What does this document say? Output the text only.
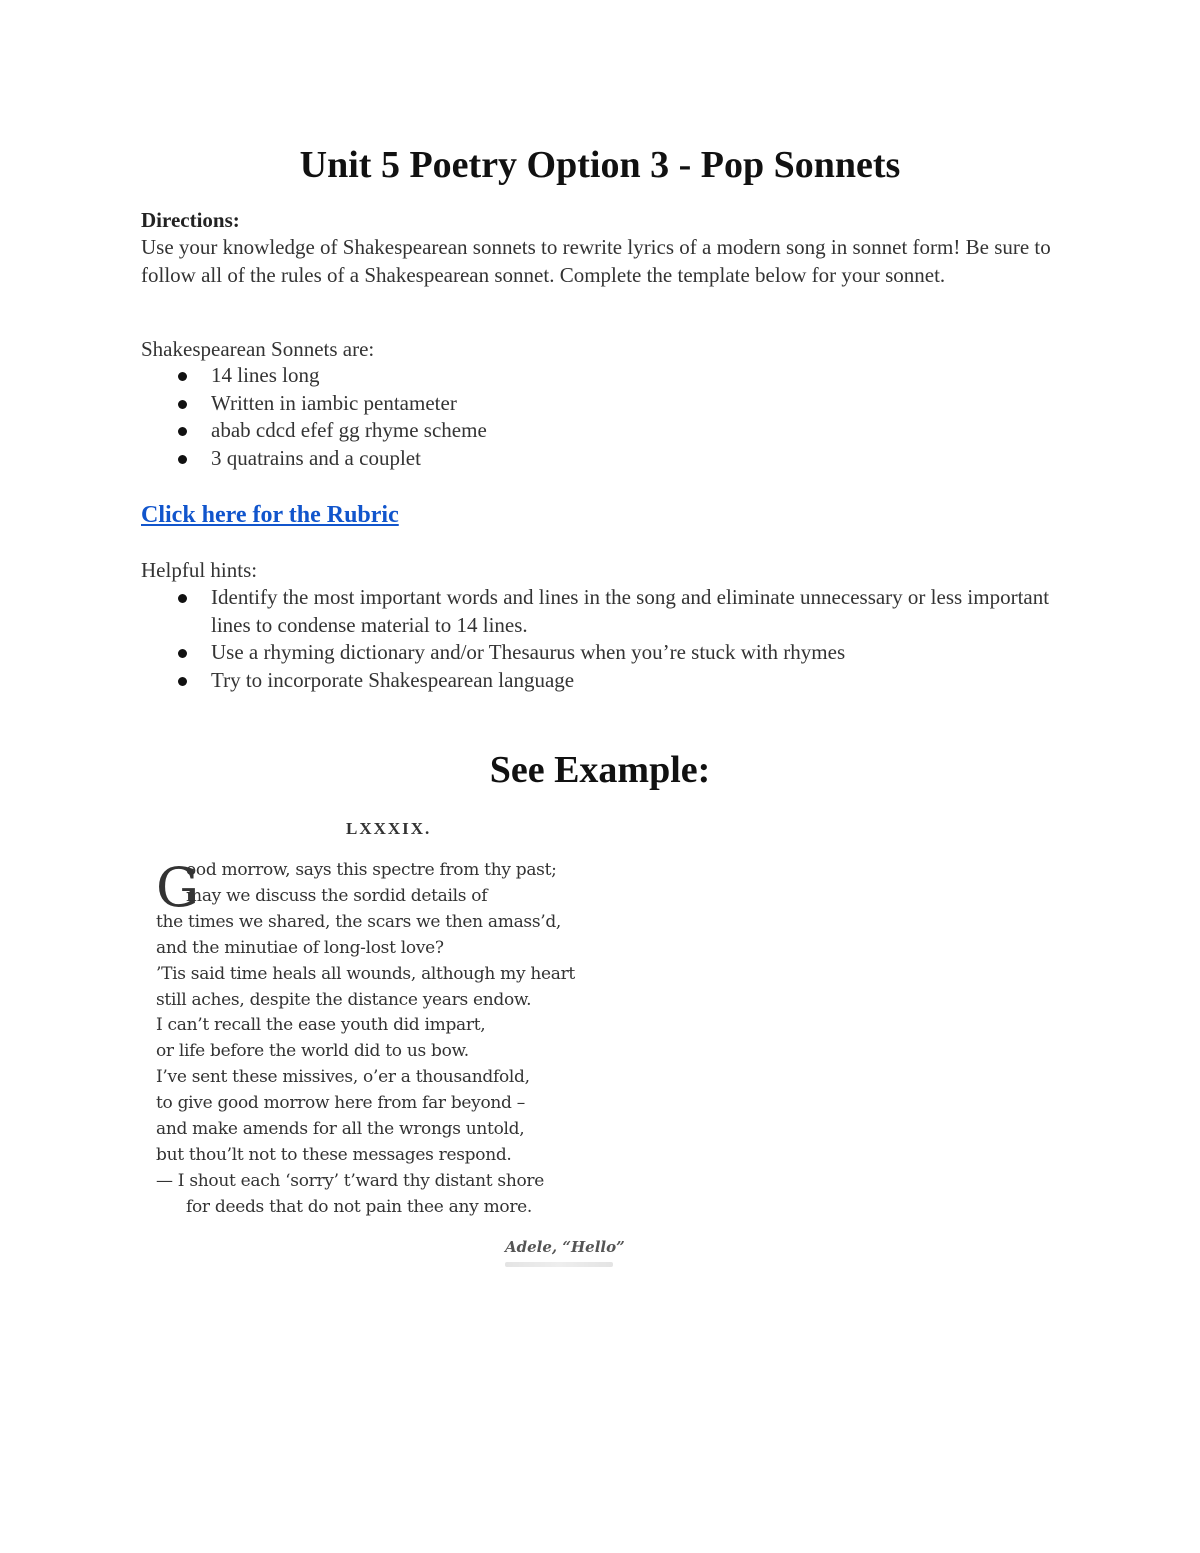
Unit 5 Poetry Option 3 - Pop Sonnets

Directions:

Use your knowledge of Shakespearean sonnets to rewrite lyrics of a modern song in sonnet form! Be sure to follow all of the rules of a Shakespearean sonnet. Complete the template below for your sonnet.

Shakespearean Sonnets are:

14 lines long
Written in iambic pentameter
abab cdcd efef gg rhyme scheme
3 quatrains and a couplet
Click here for the Rubric

Helpful hints:

Identify the most important words and lines in the song and eliminate unnecessary or less important lines to condense material to 14 lines.
Use a rhyming dictionary and/or Thesaurus when you’re stuck with rhymes
Try to incorporate Shakespearean language
See Example:

LXXXIX.

G
ood morrow, says this spectre from thy past;
may we discuss the sordid details of
the times we shared, the scars we then amass’d,
and the minutiae of long-lost love?
’Tis said time heals all wounds, although my heart
still aches, despite the distance years endow.
I can’t recall the ease youth did impart,
or life before the world did to us bow.
I’ve sent these missives, o’er a thousandfold,
to give good morrow here from far beyond –
and make amends for all the wrongs untold,
but thou’lt not to these messages respond.
— I shout each ‘sorry’ t’ward thy distant shore
for deeds that do not pain thee any more.

Adele, “Hello”
